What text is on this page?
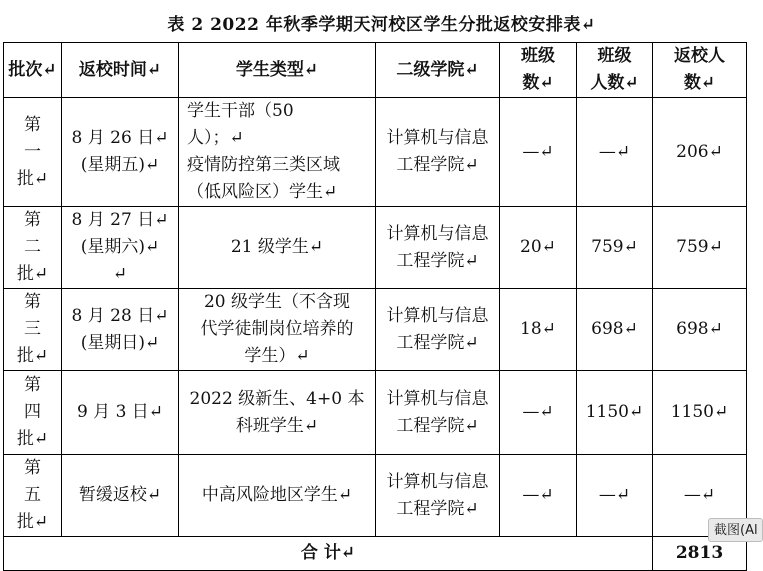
表 2 2022 年秋季学期天河校区学生分批返校安排表↵
批次↵	返校时间↵	学生类型↵	二级学院↵	班级
数↵	班级
人数↵	返校人
数↵
第
一
批↵	8 月 26 日↵
(星期五)↵	学生干部（50
人）；↵
疫情防控第三类区域
（低风险区）学生↵	计算机与信息
工程学院↵	—↵	—↵	206↵
第
二
批↵	8 月 27 日↵
(星期六)↵
↵	21 级学生↵	计算机与信息
工程学院↵	20↵	759↵	759↵
第
三
批↵	8 月 28 日↵
(星期日)↵	20 级学生（不含现
代学徒制岗位培养的
学生）↵	计算机与信息
工程学院↵	18↵	698↵	698↵
第
四
批↵	9 月 3 日↵	2022 级新生、4+0 本
科班学生↵	计算机与信息
工程学院↵	—↵	1150↵	1150↵
第
五
批↵	暂缓返校↵	中高风险地区学生↵	计算机与信息
工程学院↵	—↵	—↵	—↵
合 计↵						2813
截图(Al
